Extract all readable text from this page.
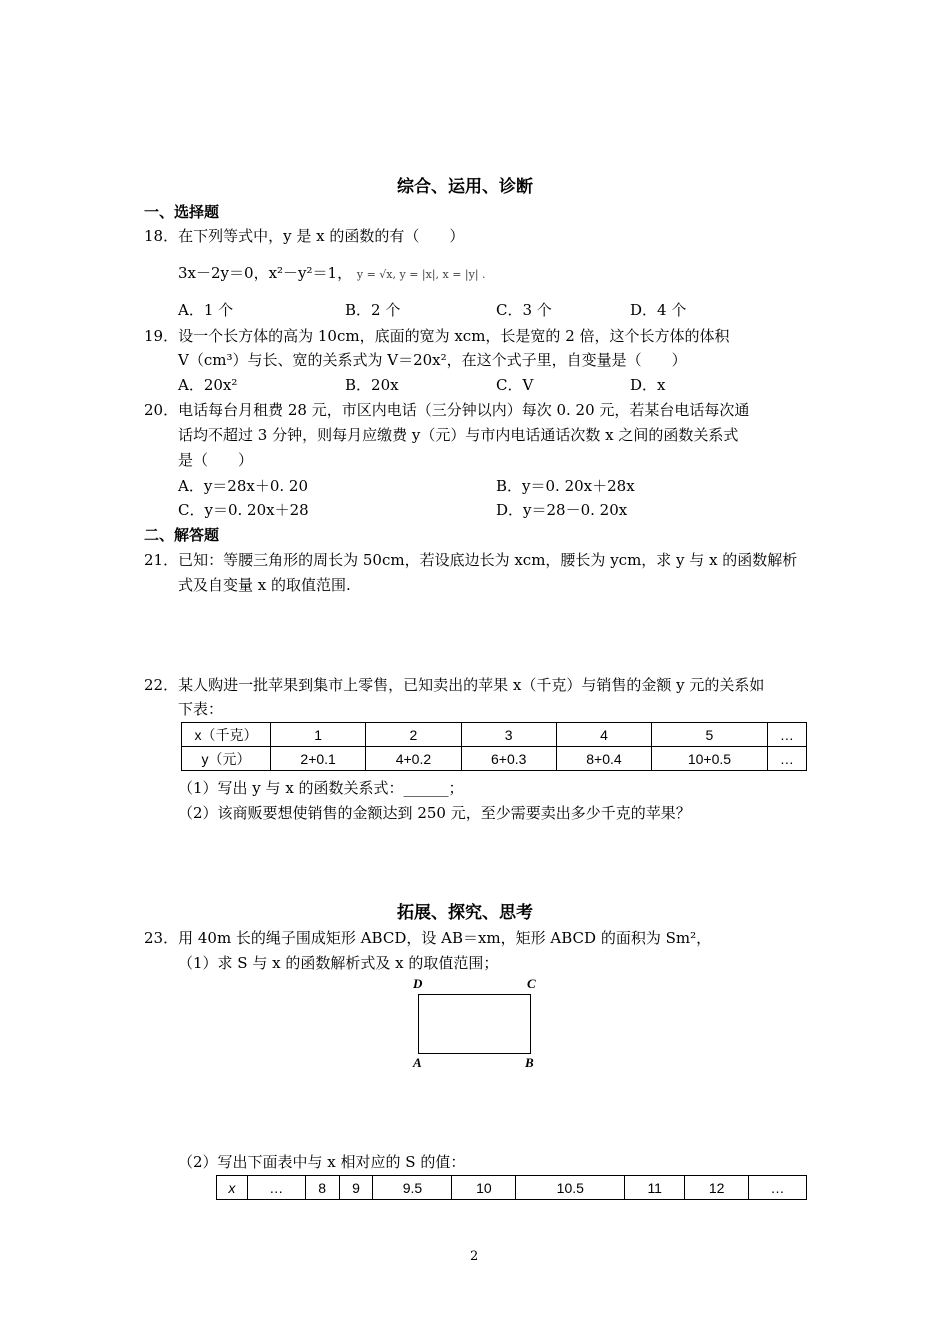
综合、运用、诊断
一、选择题
18．在下列等式中，y 是 x 的函数的有（　　）
3x－2y＝0，x²－y²＝1， y = √x, y = |x|, x = |y| .
A．1 个	B．2 个	C．3 个	D．4 个
19．设一个长方体的高为 10cm，底面的宽为 xcm，长是宽的 2 倍，这个长方体的体积
V（cm³）与长、宽的关系式为 V＝20x²，在这个式子里，自变量是（　　）
A．20x²	B．20x	C．V	D．x
20．电话每台月租费 28 元，市区内电话（三分钟以内）每次 0. 20 元，若某台电话每次通
话均不超过 3 分钟，则每月应缴费 y（元）与市内电话通话次数 x 之间的函数关系式
是（　　）
A．y＝28x＋0. 20	B．y＝0. 20x＋28x
C．y＝0. 20x＋28	D．y＝28－0. 20x
二、解答题
21．已知：等腰三角形的周长为 50cm，若设底边长为 xcm，腰长为 ycm，求 y 与 x 的函数解析
式及自变量 x 的取值范围.
22．某人购进一批苹果到集市上零售，已知卖出的苹果 x（千克）与销售的金额 y 元的关系如
下表：
x（千克）	1	2	3	4	5	…
y（元）	2+0.1	4+0.2	6+0.3	8+0.4	10+0.5	…
（1）写出 y 与 x 的函数关系式：______；
（2）该商贩要想使销售的金额达到 250 元，至少需要卖出多少千克的苹果？
拓展、探究、思考
23．用 40m 长的绳子围成矩形 ABCD，设 AB＝xm，矩形 ABCD 的面积为 Sm²，
（1）求 S 与 x 的函数解析式及 x 的取值范围；
D	C
A	B
（2）写出下面表中与 x 相对应的 S 的值：
x	…	8	9	9.5	10	10.5	11	12	…
2
